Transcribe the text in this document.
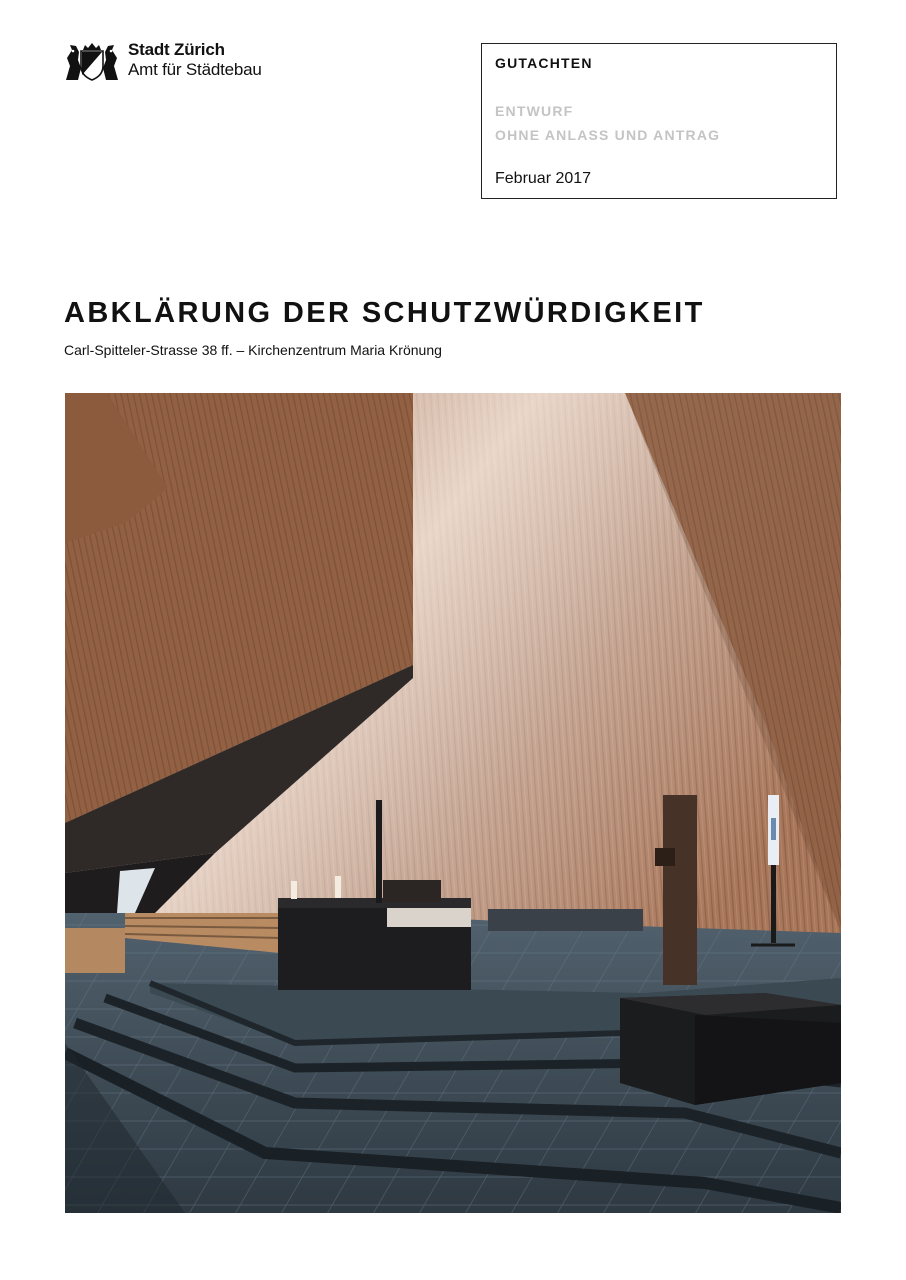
Stadt Zürich
Amt für Städtebau	GUTACHTEN
ENTWURF
OHNE ANLASS UND ANTRAG
Februar 2017
ABKLÄRUNG DER SCHUTZWÜRDIGKEIT
Carl-Spitteler-Strasse 38 ff. – Kirchenzentrum Maria Krönung
